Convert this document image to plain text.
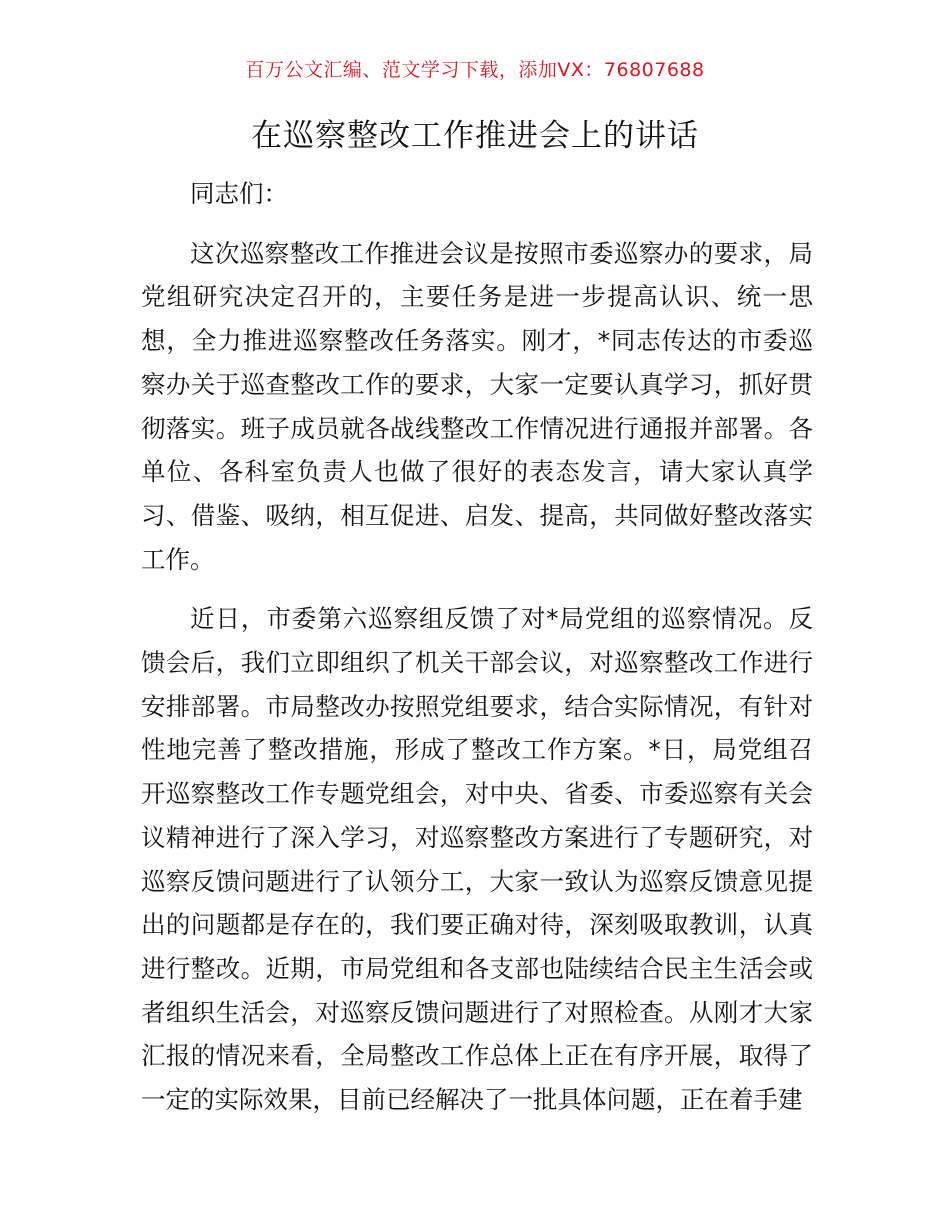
百万公文汇编、范文学习下载，添加VX：76807688
在巡察整改工作推进会上的讲话

同志们：

这次巡察整改工作推进会议是按照市委巡察办的要求，局党组研究决定召开的，主要任务是进一步提高认识、统一思想，全力推进巡察整改任务落实。刚才，*同志传达的市委巡察办关于巡查整改工作的要求，大家一定要认真学习，抓好贯彻落实。班子成员就各战线整改工作情况进行通报并部署。各单位、各科室负责人也做了很好的表态发言，请大家认真学习、借鉴、吸纳，相互促进、启发、提高，共同做好整改落实工作。

近日，市委第六巡察组反馈了对*局党组的巡察情况。反馈会后，我们立即组织了机关干部会议，对巡察整改工作进行安排部署。市局整改办按照党组要求，结合实际情况，有针对性地完善了整改措施，形成了整改工作方案。*日，局党组召开巡察整改工作专题党组会，对中央、省委、市委巡察有关会议精神进行了深入学习，对巡察整改方案进行了专题研究，对巡察反馈问题进行了认领分工，大家一致认为巡察反馈意见提出的问题都是存在的，我们要正确对待，深刻吸取教训，认真进行整改。近期，市局党组和各支部也陆续结合民主生活会或者组织生活会，对巡察反馈问题进行了对照检查。从刚才大家汇报的情况来看，全局整改工作总体上正在有序开展，取得了一定的实际效果，目前已经解决了一批具体问题，正在着手建
